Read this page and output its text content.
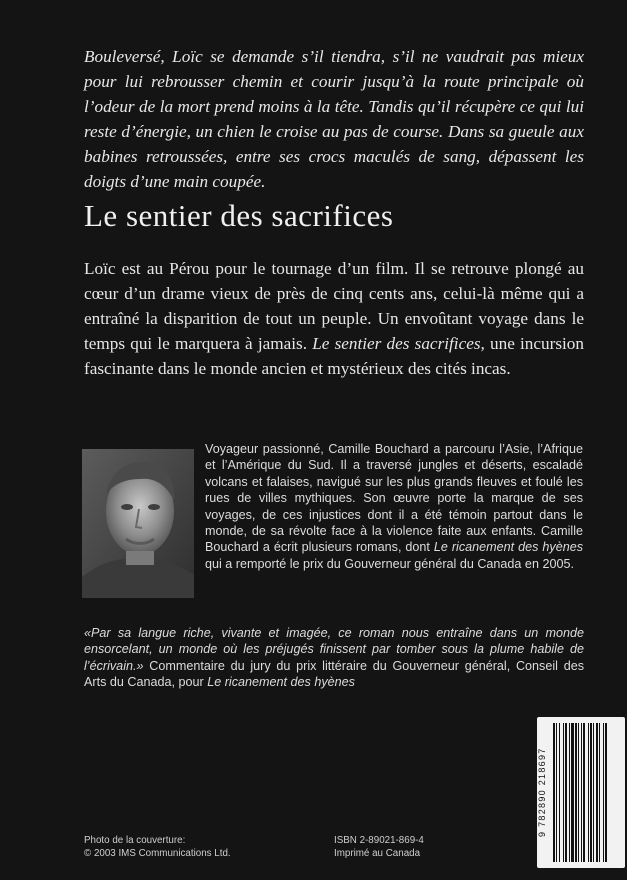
Bouleversé, Loïc se demande s’il tiendra, s’il ne vaudrait pas mieux pour lui rebrousser chemin et courir jusqu’à la route principale où l’odeur de la mort prend moins à la tête. Tandis qu’il récupère ce qui lui reste d’énergie, un chien le croise au pas de course. Dans sa gueule aux babines retroussées, entre ses crocs maculés de sang, dépassent les doigts d’une main coupée.
Le sentier des sacrifices
Loïc est au Pérou pour le tournage d’un film. Il se retrouve plongé au cœur d’un drame vieux de près de cinq cents ans, celui-là même qui a entraîné la disparition de tout un peuple. Un envoûtant voyage dans le temps qui le marquera à jamais. Le sentier des sacrifices, une incursion fascinante dans le monde ancien et mystérieux des cités incas.
Voyageur passionné, Camille Bouchard a parcouru l’Asie, l’Afrique et l’Amérique du Sud. Il a traversé jungles et déserts, escaladé volcans et falaises, navigué sur les plus grands fleuves et foulé les rues de villes mythiques. Son œuvre porte la marque de ses voyages, de ces injustices dont il a été témoin partout dans le monde, de sa révolte face à la violence faite aux enfants. Camille Bouchard a écrit plusieurs romans, dont Le ricanement des hyènes qui a remporté le prix du Gouverneur général du Canada en 2005.
«Par sa langue riche, vivante et imagée, ce roman nous entraîne dans un monde ensorcelant, un monde où les préjugés finissent par tomber sous la plume habile de l’écrivain.» Commentaire du jury du prix littéraire du Gouverneur général, Conseil des Arts du Canada, pour Le ricanement des hyènes
Photo de la couverture:
© 2003 IMS Communications Ltd.
ISBN 2-89021-869-4
Imprimé au Canada
9 782890 218697
